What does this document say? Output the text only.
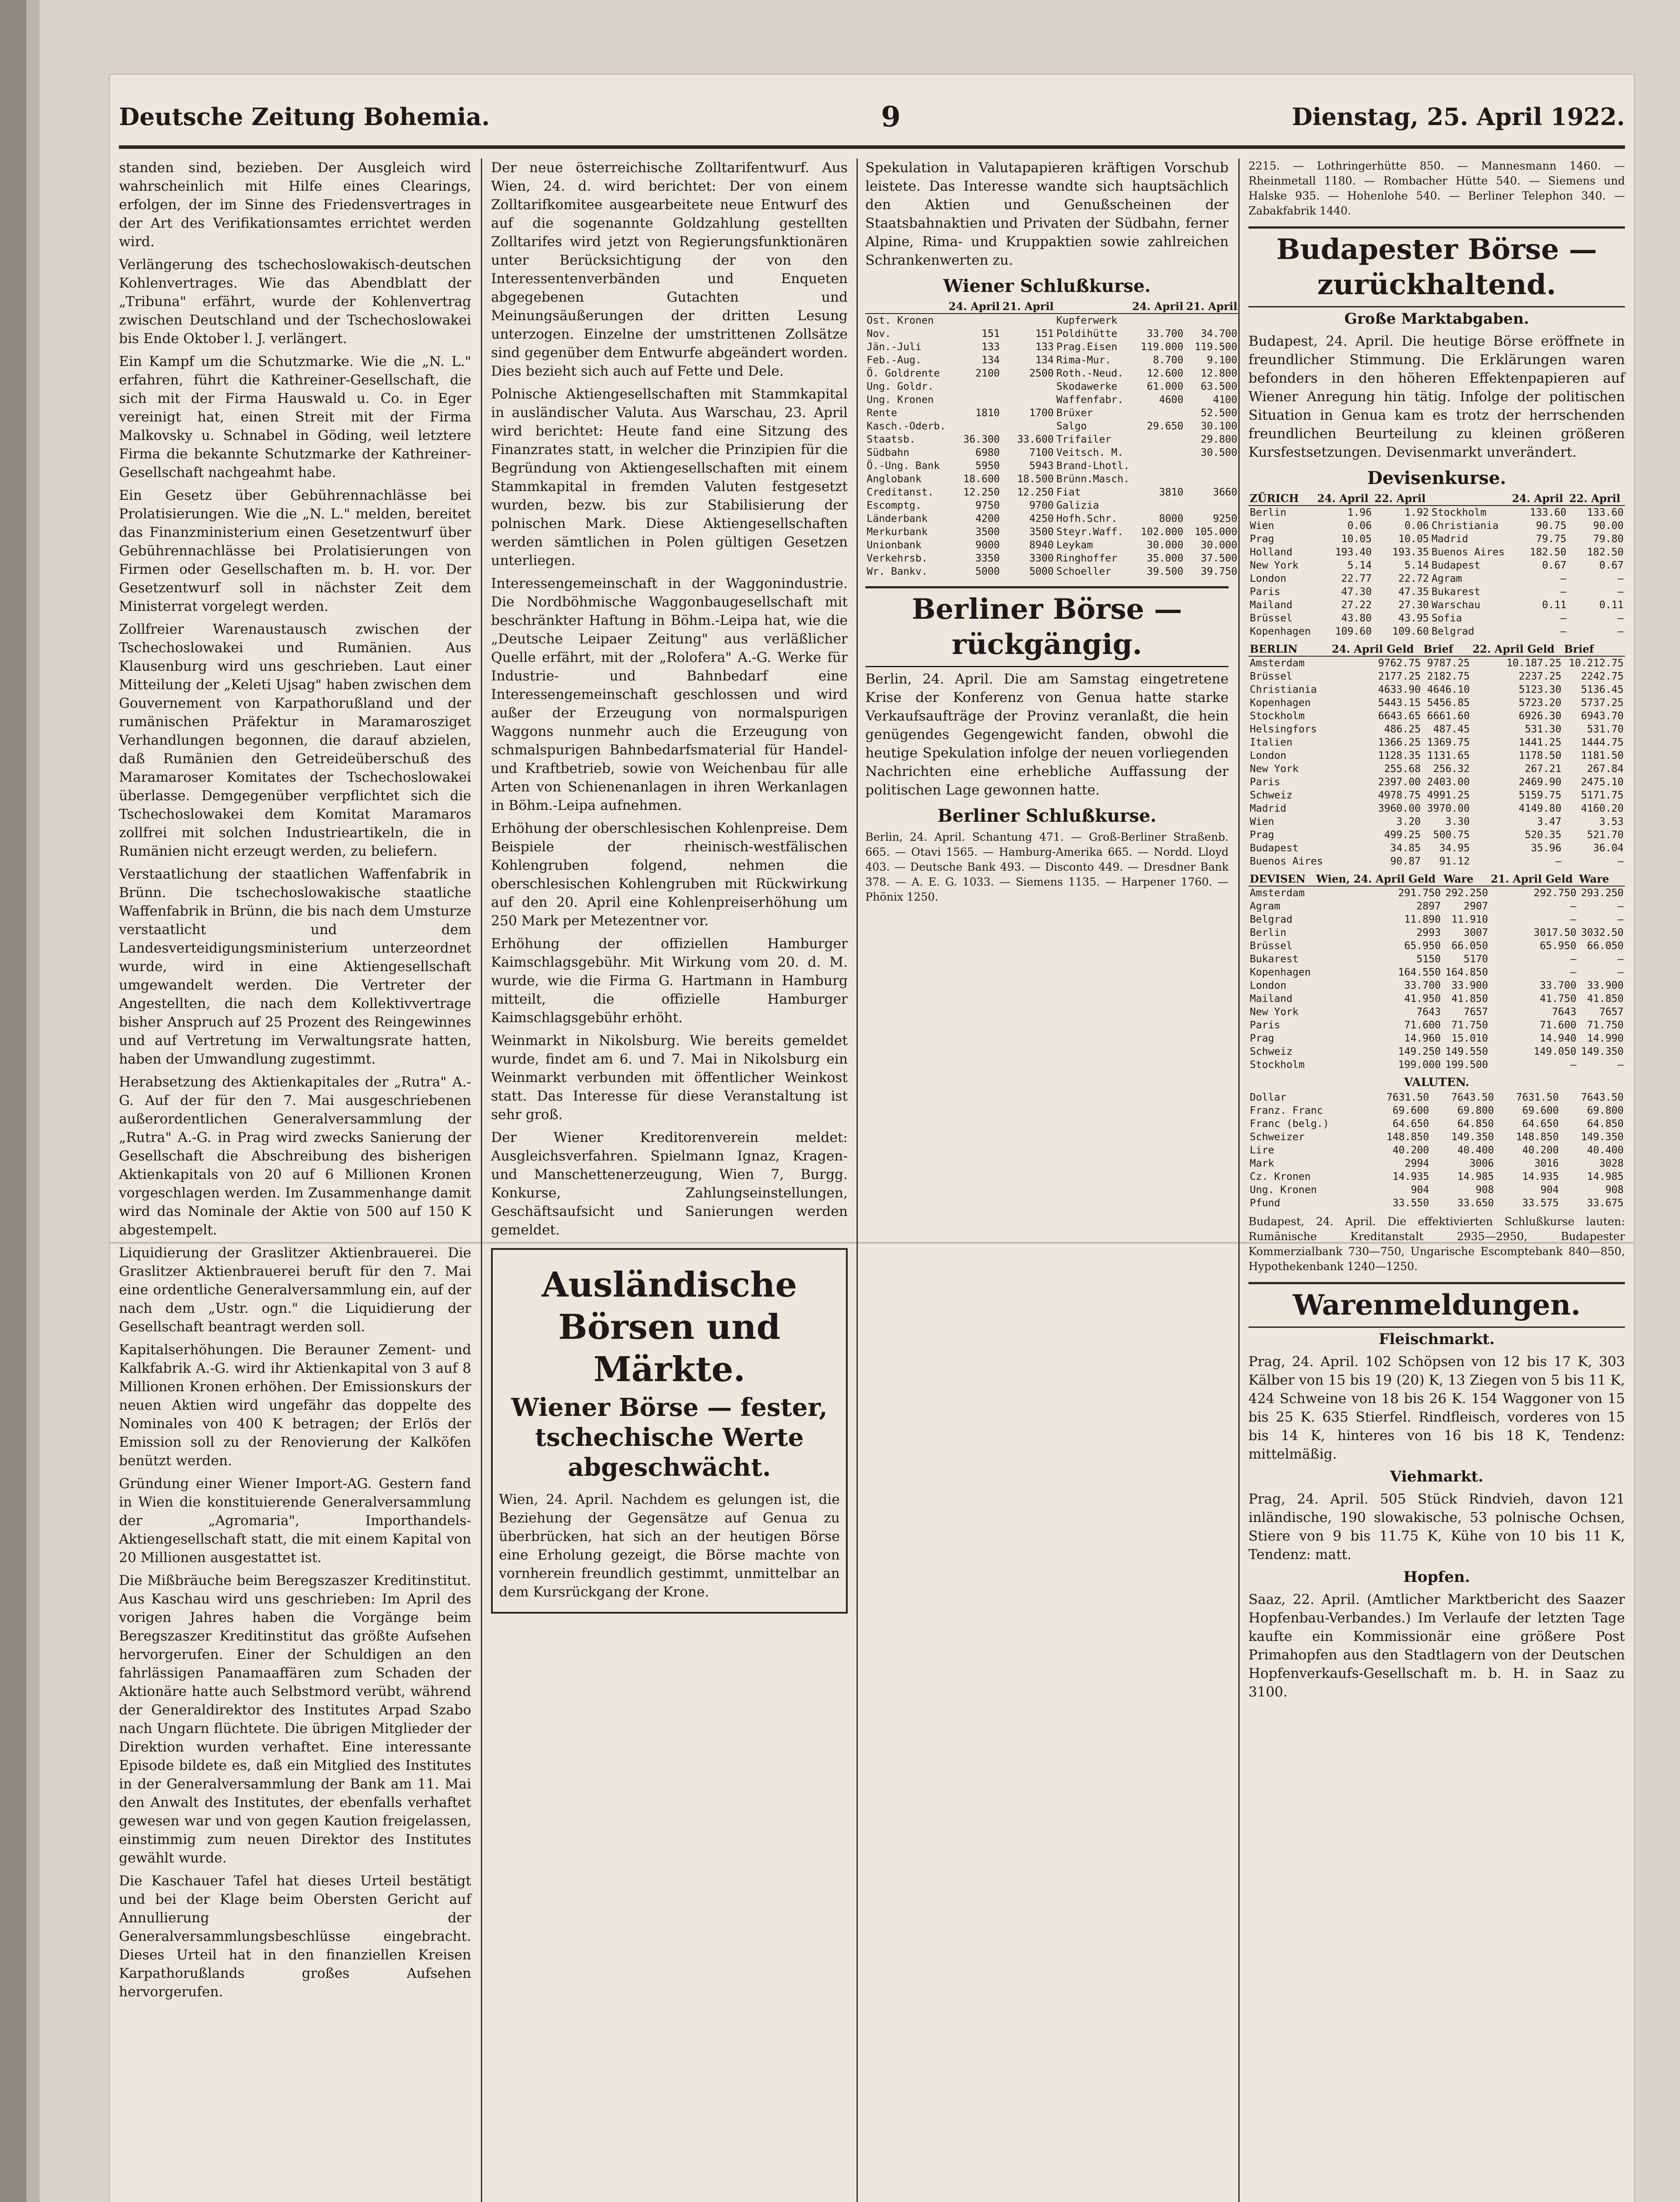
Deutsche Zeitung Bohemia.	9	Dienstag, 25. April 1922.

standen sind, bezieben. Der Ausgleich wird wahrscheinlich mit Hilfe eines Clearings, erfolgen, der im Sinne des Friedensvertrages in der Art des Verifikationsamtes errichtet werden wird.

Verlängerung des tschechoslowakisch-deutschen Kohlenvertrages. Wie das Abendblatt der „Tribuna" erfährt, wurde der Kohlenvertrag zwischen Deutschland und der Tschechoslowakei bis Ende Oktober l. J. verlängert.

Ein Kampf um die Schutzmarke. Wie die „N. L." erfahren, führt die Kathreiner-Gesellschaft, die sich mit der Firma Hauswald u. Co. in Eger vereinigt hat, einen Streit mit der Firma Malkovsky u. Schnabel in Göding, weil letztere Firma die bekannte Schutzmarke der Kathreiner-Gesellschaft nachgeahmt habe.

Ein Gesetz über Gebührennachlässe bei Prolatisierungen. Wie die „N. L." melden, bereitet das Finanzministerium einen Gesetzentwurf über Gebührennachlässe bei Prolatisierungen von Firmen oder Gesellschaften m. b. H. vor. Der Gesetzentwurf soll in nächster Zeit dem Ministerrat vorgelegt werden.

Zollfreier Warenaustausch zwischen der Tschechoslowakei und Rumänien. Aus Klausenburg wird uns geschrieben. Laut einer Mitteilung der „Keleti Ujsag" haben zwischen dem Gouvernement von Karpathorußland und der rumänischen Präfektur in Maramarosziget Verhandlungen begonnen, die darauf abzielen, daß Rumänien den Getreideüberschuß des Maramaroser Komitates der Tschechoslowakei überlasse. Demgegenüber verpflichtet sich die Tschechoslowakei dem Komitat Maramaros zollfrei mit solchen Industrieartikeln, die in Rumänien nicht erzeugt werden, zu beliefern.

Verstaatlichung der staatlichen Waffenfabrik in Brünn. Die tschechoslowakische staatliche Waffenfabrik in Brünn, die bis nach dem Umsturze verstaatlicht und dem Landesverteidigungsministerium unterzeordnet wurde, wird in eine Aktiengesellschaft umgewandelt werden. Die Vertreter der Angestellten, die nach dem Kollektivvertrage bisher Anspruch auf 25 Prozent des Reingewinnes und auf Vertretung im Verwaltungsrate hatten, haben der Umwandlung zugestimmt.

Herabsetzung des Aktienkapitales der „Rutra" A.-G. Auf der für den 7. Mai ausgeschriebenen außerordentlichen Generalversammlung der „Rutra" A.-G. in Prag wird zwecks Sanierung der Gesellschaft die Abschreibung des bisherigen Aktienkapitals von 20 auf 6 Millionen Kronen vorgeschlagen werden. Im Zusammenhange damit wird das Nominale der Aktie von 500 auf 150 K abgestempelt.

Liquidierung der Graslitzer Aktienbrauerei. Die Graslitzer Aktienbrauerei beruft für den 7. Mai eine ordentliche Generalversammlung ein, auf der nach dem „Ustr. ogn." die Liquidierung der Gesellschaft beantragt werden soll.

Kapitalserhöhungen. Die Berauner Zement- und Kalkfabrik A.-G. wird ihr Aktienkapital von 3 auf 8 Millionen Kronen erhöhen. Der Emissionskurs der neuen Aktien wird ungefähr das doppelte des Nominales von 400 K betragen; der Erlös der Emission soll zu der Renovierung der Kalköfen benützt werden.

Gründung einer Wiener Import-AG. Gestern fand in Wien die konstituierende Generalversammlung der „Agromaria", Importhandels-Aktiengesellschaft statt, die mit einem Kapital von 20 Millionen ausgestattet ist.

Die Mißbräuche beim Beregszaszer Kreditinstitut. Aus Kaschau wird uns geschrieben: Im April des vorigen Jahres haben die Vorgänge beim Beregszaszer Kreditinstitut das größte Aufsehen hervorgerufen. Einer der Schuldigen an den fahrlässigen Panamaaffären zum Schaden der Aktionäre hatte auch Selbstmord verübt, während der Generaldirektor des Institutes Arpad Szabo nach Ungarn flüchtete. Die übrigen Mitglieder der Direktion wurden verhaftet. Eine interessante Episode bildete es, daß ein Mitglied des Institutes in der Generalversammlung der Bank am 11. Mai den Anwalt des Institutes, der ebenfalls verhaftet gewesen war und von gegen Kaution freigelassen, einstimmig zum neuen Direktor des Institutes gewählt wurde.

Die Kaschauer Tafel hat dieses Urteil bestätigt und bei der Klage beim Obersten Gericht auf Annullierung der Generalversammlungsbeschlüsse eingebracht. Dieses Urteil hat in den finanziellen Kreisen Karpathorußlands großes Aufsehen hervorgerufen.

Der neue österreichische Zolltarifentwurf. Aus Wien, 24. d. wird berichtet: Der von einem Zolltarifkomitee ausgearbeitete neue Entwurf des auf die sogenannte Goldzahlung gestellten Zolltarifes wird jetzt von Regierungsfunktionären unter Berücksichtigung der von den Interessentenverbänden und Enqueten abgegebenen Gutachten und Meinungsäußerungen der dritten Lesung unterzogen. Einzelne der umstrittenen Zollsätze sind gegenüber dem Entwurfe abgeändert worden. Dies bezieht sich auch auf Fette und Dele.

Polnische Aktiengesellschaften mit Stammkapital in ausländischer Valuta. Aus Warschau, 23. April wird berichtet: Heute fand eine Sitzung des Finanzrates statt, in welcher die Prinzipien für die Begründung von Aktiengesellschaften mit einem Stammkapital in fremden Valuten festgesetzt wurden, bezw. bis zur Stabilisierung der polnischen Mark. Diese Aktiengesellschaften werden sämtlichen in Polen gültigen Gesetzen unterliegen.

Interessengemeinschaft in der Waggonindustrie. Die Nordböhmische Waggonbaugesellschaft mit beschränkter Haftung in Böhm.-Leipa hat, wie die „Deutsche Leipaer Zeitung" aus verläßlicher Quelle erfährt, mit der „Rolofera" A.-G. Werke für Industrie- und Bahnbedarf eine Interessengemeinschaft geschlossen und wird außer der Erzeugung von normalspurigen Waggons nunmehr auch die Erzeugung von schmalspurigen Bahnbedarfsmaterial für Handel- und Kraftbetrieb, sowie von Weichenbau für alle Arten von Schienenanlagen in ihren Werkanlagen in Böhm.-Leipa aufnehmen.

Erhöhung der oberschlesischen Kohlenpreise. Dem Beispiele der rheinisch-westfälischen Kohlengruben folgend, nehmen die oberschlesischen Kohlengruben mit Rückwirkung auf den 20. April eine Kohlenpreiserhöhung um 250 Mark per Metezentner vor.

Erhöhung der offiziellen Hamburger Kaimschlagsgebühr. Mit Wirkung vom 20. d. M. wurde, wie die Firma G. Hartmann in Hamburg mitteilt, die offizielle Hamburger Kaimschlagsgebühr erhöht.

Weinmarkt in Nikolsburg. Wie bereits gemeldet wurde, findet am 6. und 7. Mai in Nikolsburg ein Weinmarkt verbunden mit öffentlicher Weinkost statt. Das Interesse für diese Veranstaltung ist sehr groß.

Der Wiener Kreditorenverein meldet: Ausgleichsverfahren. Spielmann Ignaz, Kragen- und Manschettenerzeugung, Wien 7, Burgg. Konkurse, Zahlungseinstellungen, Geschäftsaufsicht und Sanierungen werden gemeldet.

Ausländische Börsen und Märkte.
Wiener Börse — fester, tschechische Werte abgeschwächt.

Wien, 24. April. Nachdem es gelungen ist, die Beziehung der Gegensätze auf Genua zu überbrücken, hat sich an der heutigen Börse eine Erholung gezeigt, die Börse machte von vornherein freundlich gestimmt, unmittelbar an dem Kursrückgang der Krone.

Spekulation in Valutapapieren kräftigen Vorschub leistete. Das Interesse wandte sich hauptsächlich den Aktien und Genußscheinen der Staatsbahnaktien und Privaten der Südbahn, ferner Alpine, Rima- und Kruppaktien sowie zahlreichen Schrankenwerten zu.

Wiener Schlußkurse.
	24. April	21. April		24. April	21. April
Ost. Kronen			Kupferwerk		
Nov.	151	151	Poldihütte	33.700	34.700
Jän.-Juli	133	133	Prag.Eisen	119.000	119.500
Feb.-Aug.	134	134	Rima-Mur.	8.700	9.100
Ö. Goldrente	2100	2500	Roth.-Neud.	12.600	12.800
Ung. Goldr.			Skodawerke	61.000	63.500
Ung. Kronen			Waffenfabr.	4600	4100
Rente	1810	1700	Brüxer		52.500
Kasch.-Oderb.			Salgo	29.650	30.100
Staatsb.	36.300	33.600	Trifailer		29.800
Südbahn	6980	7100	Veitsch. M.		30.500
Ö.-Ung. Bank	5950	5943	Brand-Lhotl.		
Anglobank	18.600	18.500	Brünn.Masch.		
Creditanst.	12.250	12.250	Fiat	3810	3660
Escomptg.	9750	9700	Galizia		
Länderbank	4200	4250	Hofh.Schr.	8000	9250
Merkurbank	3500	3500	Steyr.Waff.	102.000	105.000
Unionbank	9000	8940	Leykam	30.000	30.000
Verkehrsb.	3350	3300	Ringhoffer	35.000	37.500
Wr. Bankv.	5000	5000	Schoeller	39.500	39.750
Berliner Börse — rückgängig.

Berlin, 24. April. Die am Samstag eingetretene Krise der Konferenz von Genua hatte starke Verkaufsaufträge der Provinz veranlaßt, die hein genügendes Gegengewicht fanden, obwohl die heutige Spekulation infolge der neuen vorliegenden Nachrichten eine erhebliche Auffassung der politischen Lage gewonnen hatte.

Berliner Schlußkurse.

Berlin, 24. April. Schantung 471. — Groß-Berliner Straßenb. 665. — Otavi 1565. — Hamburg-Amerika 665. — Nordd. Lloyd 403. — Deutsche Bank 493. — Disconto 449. — Dresdner Bank 378. — A. E. G. 1033. — Siemens 1135. — Harpener 1760. — Phönix 1250.

2215. — Lothringerhütte 850. — Mannesmann 1460. — Rheinmetall 1180. — Rombacher Hütte 540. — Siemens und Halske 935. — Hohenlohe 540. — Berliner Telephon 340. — Zabakfabrik 1440.

Budapester Börse — zurückhaltend.
Große Marktabgaben.

Budapest, 24. April. Die heutige Börse eröffnete in freundlicher Stimmung. Die Erklärungen waren befonders in den höheren Effektenpapieren auf Wiener Anregung hin tätig. Infolge der politischen Situation in Genua kam es trotz der herrschenden freundlichen Beurteilung zu kleinen größeren Kursfestsetzungen. Devisenmarkt unverändert.

Devisenkurse.
ZÜRICH	24. April	22. April		24. April	22. April
Berlin	1.96	1.92	Stockholm	133.60	133.60
Wien	0.06	0.06	Christiania	90.75	90.00
Prag	10.05	10.05	Madrid	79.75	79.80
Holland	193.40	193.35	Buenos Aires	182.50	182.50
New York	5.14	5.14	Budapest	0.67	0.67
London	22.77	22.72	Agram	—	—
Paris	47.30	47.35	Bukarest	—	—
Mailand	27.22	27.30	Warschau	0.11	0.11
Brüssel	43.80	43.95	Sofia	—	—
Kopenhagen	109.60	109.60	Belgrad	—	—
BERLIN	24. April Geld	Brief	22. April Geld	Brief
Amsterdam	9762.75	9787.25	10.187.25	10.212.75
Brüssel	2177.25	2182.75	2237.25	2242.75
Christiania	4633.90	4646.10	5123.30	5136.45
Kopenhagen	5443.15	5456.85	5723.20	5737.25
Stockholm	6643.65	6661.60	6926.30	6943.70
Helsingfors	486.25	487.45	531.30	531.70
Italien	1366.25	1369.75	1441.25	1444.75
London	1128.35	1131.65	1178.50	1181.50
New York	255.68	256.32	267.21	267.84
Paris	2397.00	2403.00	2469.90	2475.10
Schweiz	4978.75	4991.25	5159.75	5171.75
Madrid	3960.00	3970.00	4149.80	4160.20
Wien	3.20	3.30	3.47	3.53
Prag	499.25	500.75	520.35	521.70
Budapest	34.85	34.95	35.96	36.04
Buenos Aires	90.87	91.12	—	—
DEVISEN	Wien, 24. April Geld	Ware	21. April Geld	Ware
Amsterdam	291.750	292.250	292.750	293.250
Agram	2897	2907	—	—
Belgrad	11.890	11.910	—	—
Berlin	2993	3007	3017.50	3032.50
Brüssel	65.950	66.050	65.950	66.050
Bukarest	5150	5170	—	—
Kopenhagen	164.550	164.850	—	—
London	33.700	33.900	33.700	33.900
Mailand	41.950	41.850	41.750	41.850
New York	7643	7657	7643	7657
Paris	71.600	71.750	71.600	71.750
Prag	14.960	15.010	14.940	14.990
Schweiz	149.250	149.550	149.050	149.350
Stockholm	199.000	199.500	—	—
VALUTEN.
Dollar	7631.50	7643.50	7631.50	7643.50
Franz. Franc	69.600	69.800	69.600	69.800
Franc (belg.)	64.650	64.850	64.650	64.850
Schweizer	148.850	149.350	148.850	149.350
Lire	40.200	40.400	40.200	40.400
Mark	2994	3006	3016	3028
Cz. Kronen	14.935	14.985	14.935	14.985
Ung. Kronen	904	908	904	908
Pfund	33.550	33.650	33.575	33.675

Budapest, 24. April. Die effektivierten Schlußkurse lauten: Rumänische Kreditanstalt 2935—2950, Budapester Kommerzialbank 730—750, Ungarische Escomptebank 840—850, Hypothekenbank 1240—1250.

Warenmeldungen.
Fleischmarkt.

Prag, 24. April. 102 Schöpsen von 12 bis 17 K, 303 Kälber von 15 bis 19 (20) K, 13 Ziegen von 5 bis 11 K, 424 Schweine von 18 bis 26 K. 154 Waggoner von 15 bis 25 K. 635 Stierfel. Rindfleisch, vorderes von 15 bis 14 K, hinteres von 16 bis 18 K, Tendenz: mittelmäßig.

Viehmarkt.

Prag, 24. April. 505 Stück Rindvieh, davon 121 inländische, 190 slowakische, 53 polnische Ochsen, Stiere von 9 bis 11.75 K, Kühe von 10 bis 11 K, Tendenz: matt.

Hopfen.

Saaz, 22. April. (Amtlicher Marktbericht des Saazer Hopfenbau-Verbandes.) Im Verlaufe der letzten Tage kaufte ein Kommissionär eine größere Post Primahopfen aus den Stadtlagern von der Deutschen Hopfenverkaufs-Gesellschaft m. b. H. in Saaz zu 3100.
